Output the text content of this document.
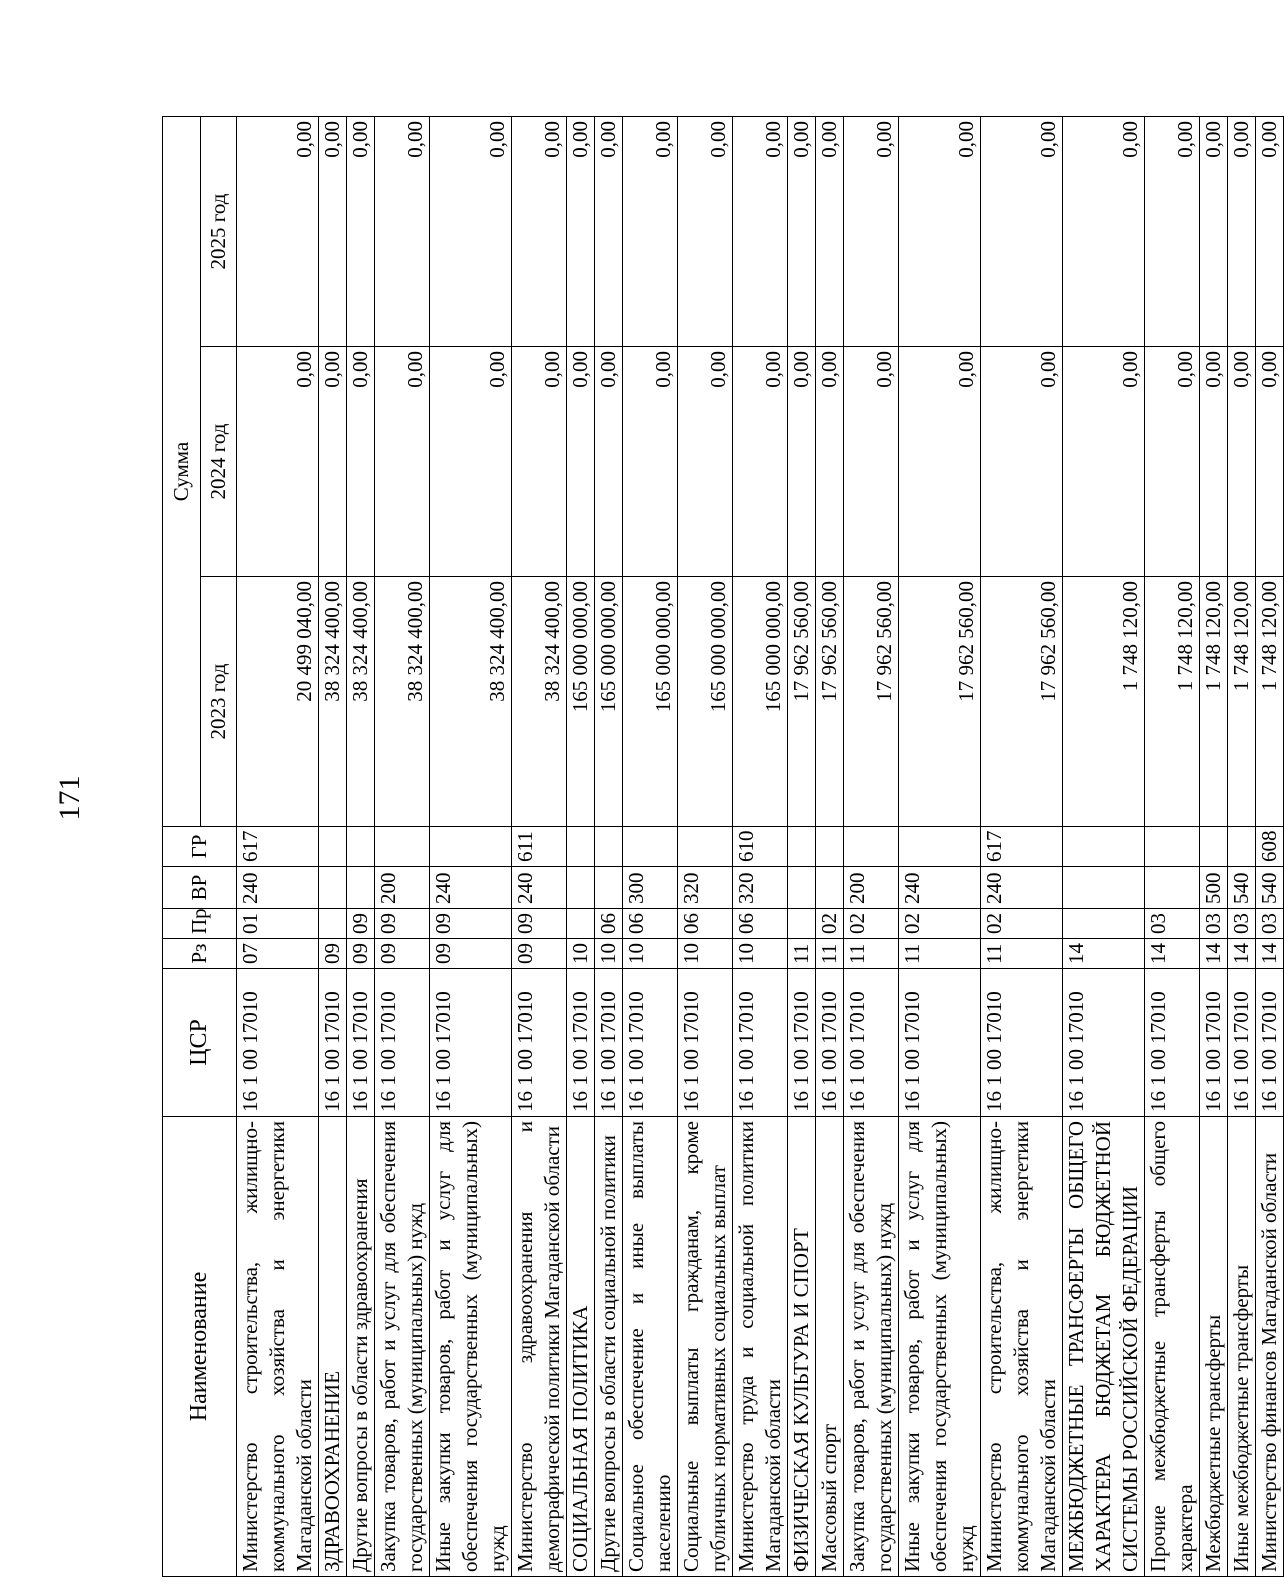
171
Наименование	ЦСР	Рз	Пр	ВР	ГР	Сумма		
						2023 год	2024 год	2025 год
Министерство строительства, жилищно-коммунального хозяйства и энергетики Магаданской области	16 1 00 17010	07	01	240	617	20 499 040,00	0,00	0,00
ЗДРАВООХРАНЕНИЕ	16 1 00 17010	09				38 324 400,00	0,00	0,00
Другие вопросы в области здравоохранения	16 1 00 17010	09	09			38 324 400,00	0,00	0,00
Закупка товаров, работ и услуг для обеспечения государственных (муниципальных) нужд	16 1 00 17010	09	09	200		38 324 400,00	0,00	0,00
Иные закупки товаров, работ и услуг для обеспечения государственных (муниципальных) нужд	16 1 00 17010	09	09	240		38 324 400,00	0,00	0,00
Министерство здравоохранения и демографической политики Магаданской области	16 1 00 17010	09	09	240	611	38 324 400,00	0,00	0,00
СОЦИАЛЬНАЯ ПОЛИТИКА	16 1 00 17010	10				165 000 000,00	0,00	0,00
Другие вопросы в области социальной политики	16 1 00 17010	10	06			165 000 000,00	0,00	0,00
Социальное обеспечение и иные выплаты населению	16 1 00 17010	10	06	300		165 000 000,00	0,00	0,00
Социальные выплаты гражданам, кроме публичных нормативных социальных выплат	16 1 00 17010	10	06	320		165 000 000,00	0,00	0,00
Министерство труда и социальной политики Магаданской области	16 1 00 17010	10	06	320	610	165 000 000,00	0,00	0,00
ФИЗИЧЕСКАЯ КУЛЬТУРА И СПОРТ	16 1 00 17010	11				17 962 560,00	0,00	0,00
Массовый спорт	16 1 00 17010	11	02			17 962 560,00	0,00	0,00
Закупка товаров, работ и услуг для обеспечения государственных (муниципальных) нужд	16 1 00 17010	11	02	200		17 962 560,00	0,00	0,00
Иные закупки товаров, работ и услуг для обеспечения государственных (муниципальных) нужд	16 1 00 17010	11	02	240		17 962 560,00	0,00	0,00
Министерство строительства, жилищно-коммунального хозяйства и энергетики Магаданской области	16 1 00 17010	11	02	240	617	17 962 560,00	0,00	0,00
МЕЖБЮДЖЕТНЫЕ ТРАНСФЕРТЫ ОБЩЕГО ХАРАКТЕРА БЮДЖЕТАМ БЮДЖЕТНОЙ СИСТЕМЫ РОССИЙСКОЙ ФЕДЕРАЦИИ	16 1 00 17010	14				1 748 120,00	0,00	0,00
Прочие межбюджетные трансферты общего характера	16 1 00 17010	14	03			1 748 120,00	0,00	0,00
Межбюджетные трансферты	16 1 00 17010	14	03	500		1 748 120,00	0,00	0,00
Иные межбюджетные трансферты	16 1 00 17010	14	03	540		1 748 120,00	0,00	0,00
Министерство финансов Магаданской области	16 1 00 17010	14	03	540	608	1 748 120,00	0,00	0,00
